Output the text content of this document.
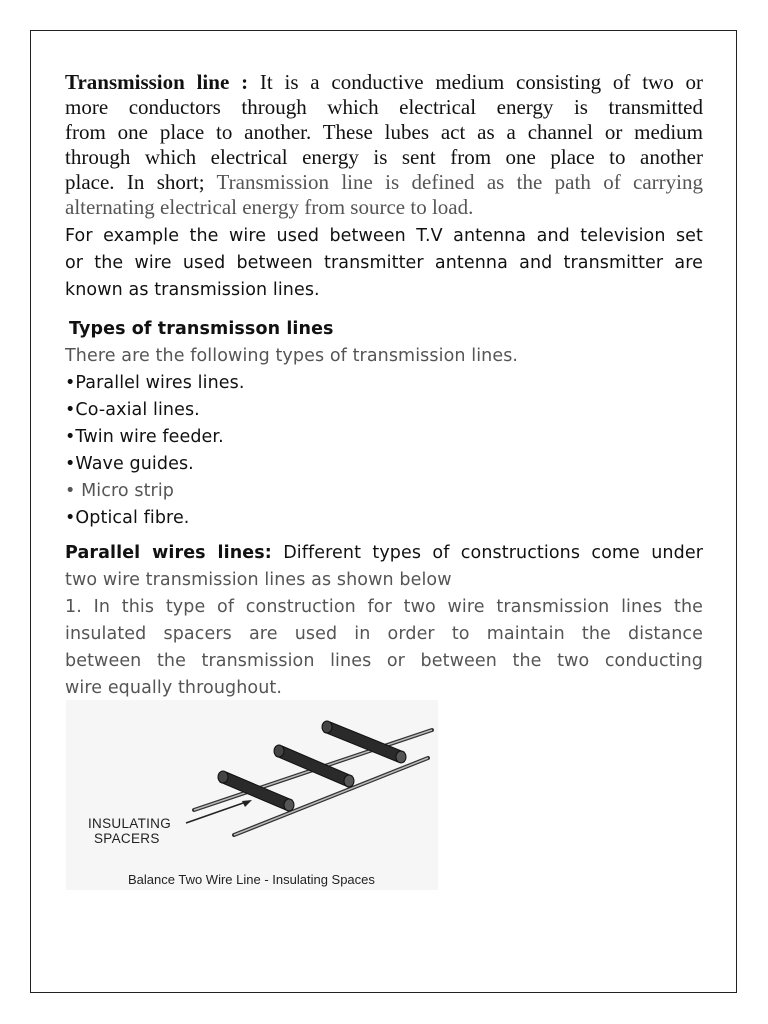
Transmission line : It is a conductive medium consisting of two or

more conductors through which electrical energy is transmitted

from one place to another. These lubes act as a channel or medium

through which electrical energy is sent from one place to another

place. In short; Transmission line is defined as the path of carrying

alternating electrical energy from source to load.

For example the wire used between T.V antenna and television set

or the wire used between transmitter antenna and transmitter are

known as transmission lines.

Types of transmisson lines

There are the following types of transmission lines.

•Parallel wires lines.
•Co-axial lines.
•Twin wire feeder.
•Wave guides.
• Micro strip
•Optical fibre.

Parallel wires lines: Different types of constructions come under

two wire transmission lines as shown below

1. In this type of construction for two wire transmission lines the

insulated spacers are used in order to maintain the distance

between the transmission lines or between the two conducting

wire equally throughout.

INSULATING
SPACERS
Balance Two Wire Line - Insulating Spaces
